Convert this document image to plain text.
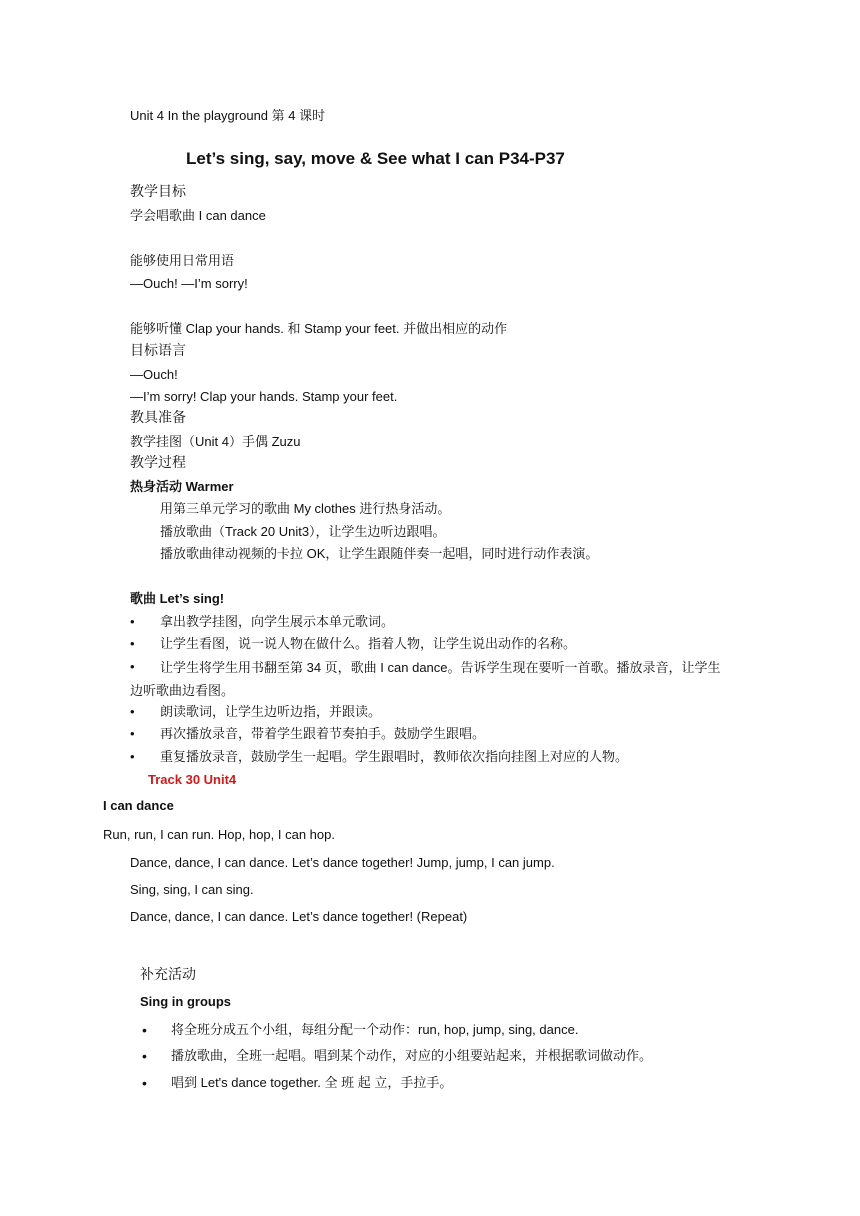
Unit 4 In the playground 第 4 课时
Let’s sing, say, move & See what I can P34-P37
教学目标
学会唱歌曲 I can dance
能够使用日常用语
—Ouch! —I’m sorry!
能够听懂 Clap your hands. 和 Stamp your feet. 并做出相应的动作
目标语言
—Ouch!
—I’m sorry! Clap your hands. Stamp your feet.
教具准备
教学挂图（Unit 4）手偶 Zuzu
教学过程
热身活动 Warmer
用第三单元学习的歌曲 My clothes 进行热身活动。
播放歌曲（Track 20 Unit3），让学生边听边跟唱。
播放歌曲律动视频的卡拉 OK，让学生跟随伴奏一起唱，同时进行动作表演。
歌曲 Let’s sing!
• 拿出教学挂图，向学生展示本单元歌词。
• 让学生看图，说一说人物在做什么。指着人物，让学生说出动作的名称。
•	让学生将学生用书翻至第 34 页，歌曲 I can dance。告诉学生现在要听一首歌。播放录音，让学生边听歌曲边看图。
• 朗读歌词，让学生边听边指，并跟读。
• 再次播放录音，带着学生跟着节奏拍手。鼓励学生跟唱。
• 重复播放录音，鼓励学生一起唱。学生跟唱时，教师依次指向挂图上对应的人物。
Track 30 Unit4
I can dance
Run, run, I can run. Hop, hop, I can hop.
Dance, dance, I can dance. Let’s dance together! Jump, jump, I can jump.
Sing, sing, I can sing.
Dance, dance, I can dance. Let’s dance together! (Repeat)
补充活动
Sing in groups
• 将全班分成五个小组，每组分配一个动作：run, hop, jump, sing, dance.
• 播放歌曲，全班一起唱。唱到某个动作，对应的小组要站起来，并根据歌词做动作。
• 唱到 Let's dance together. 全 班 起 立，手拉手。
